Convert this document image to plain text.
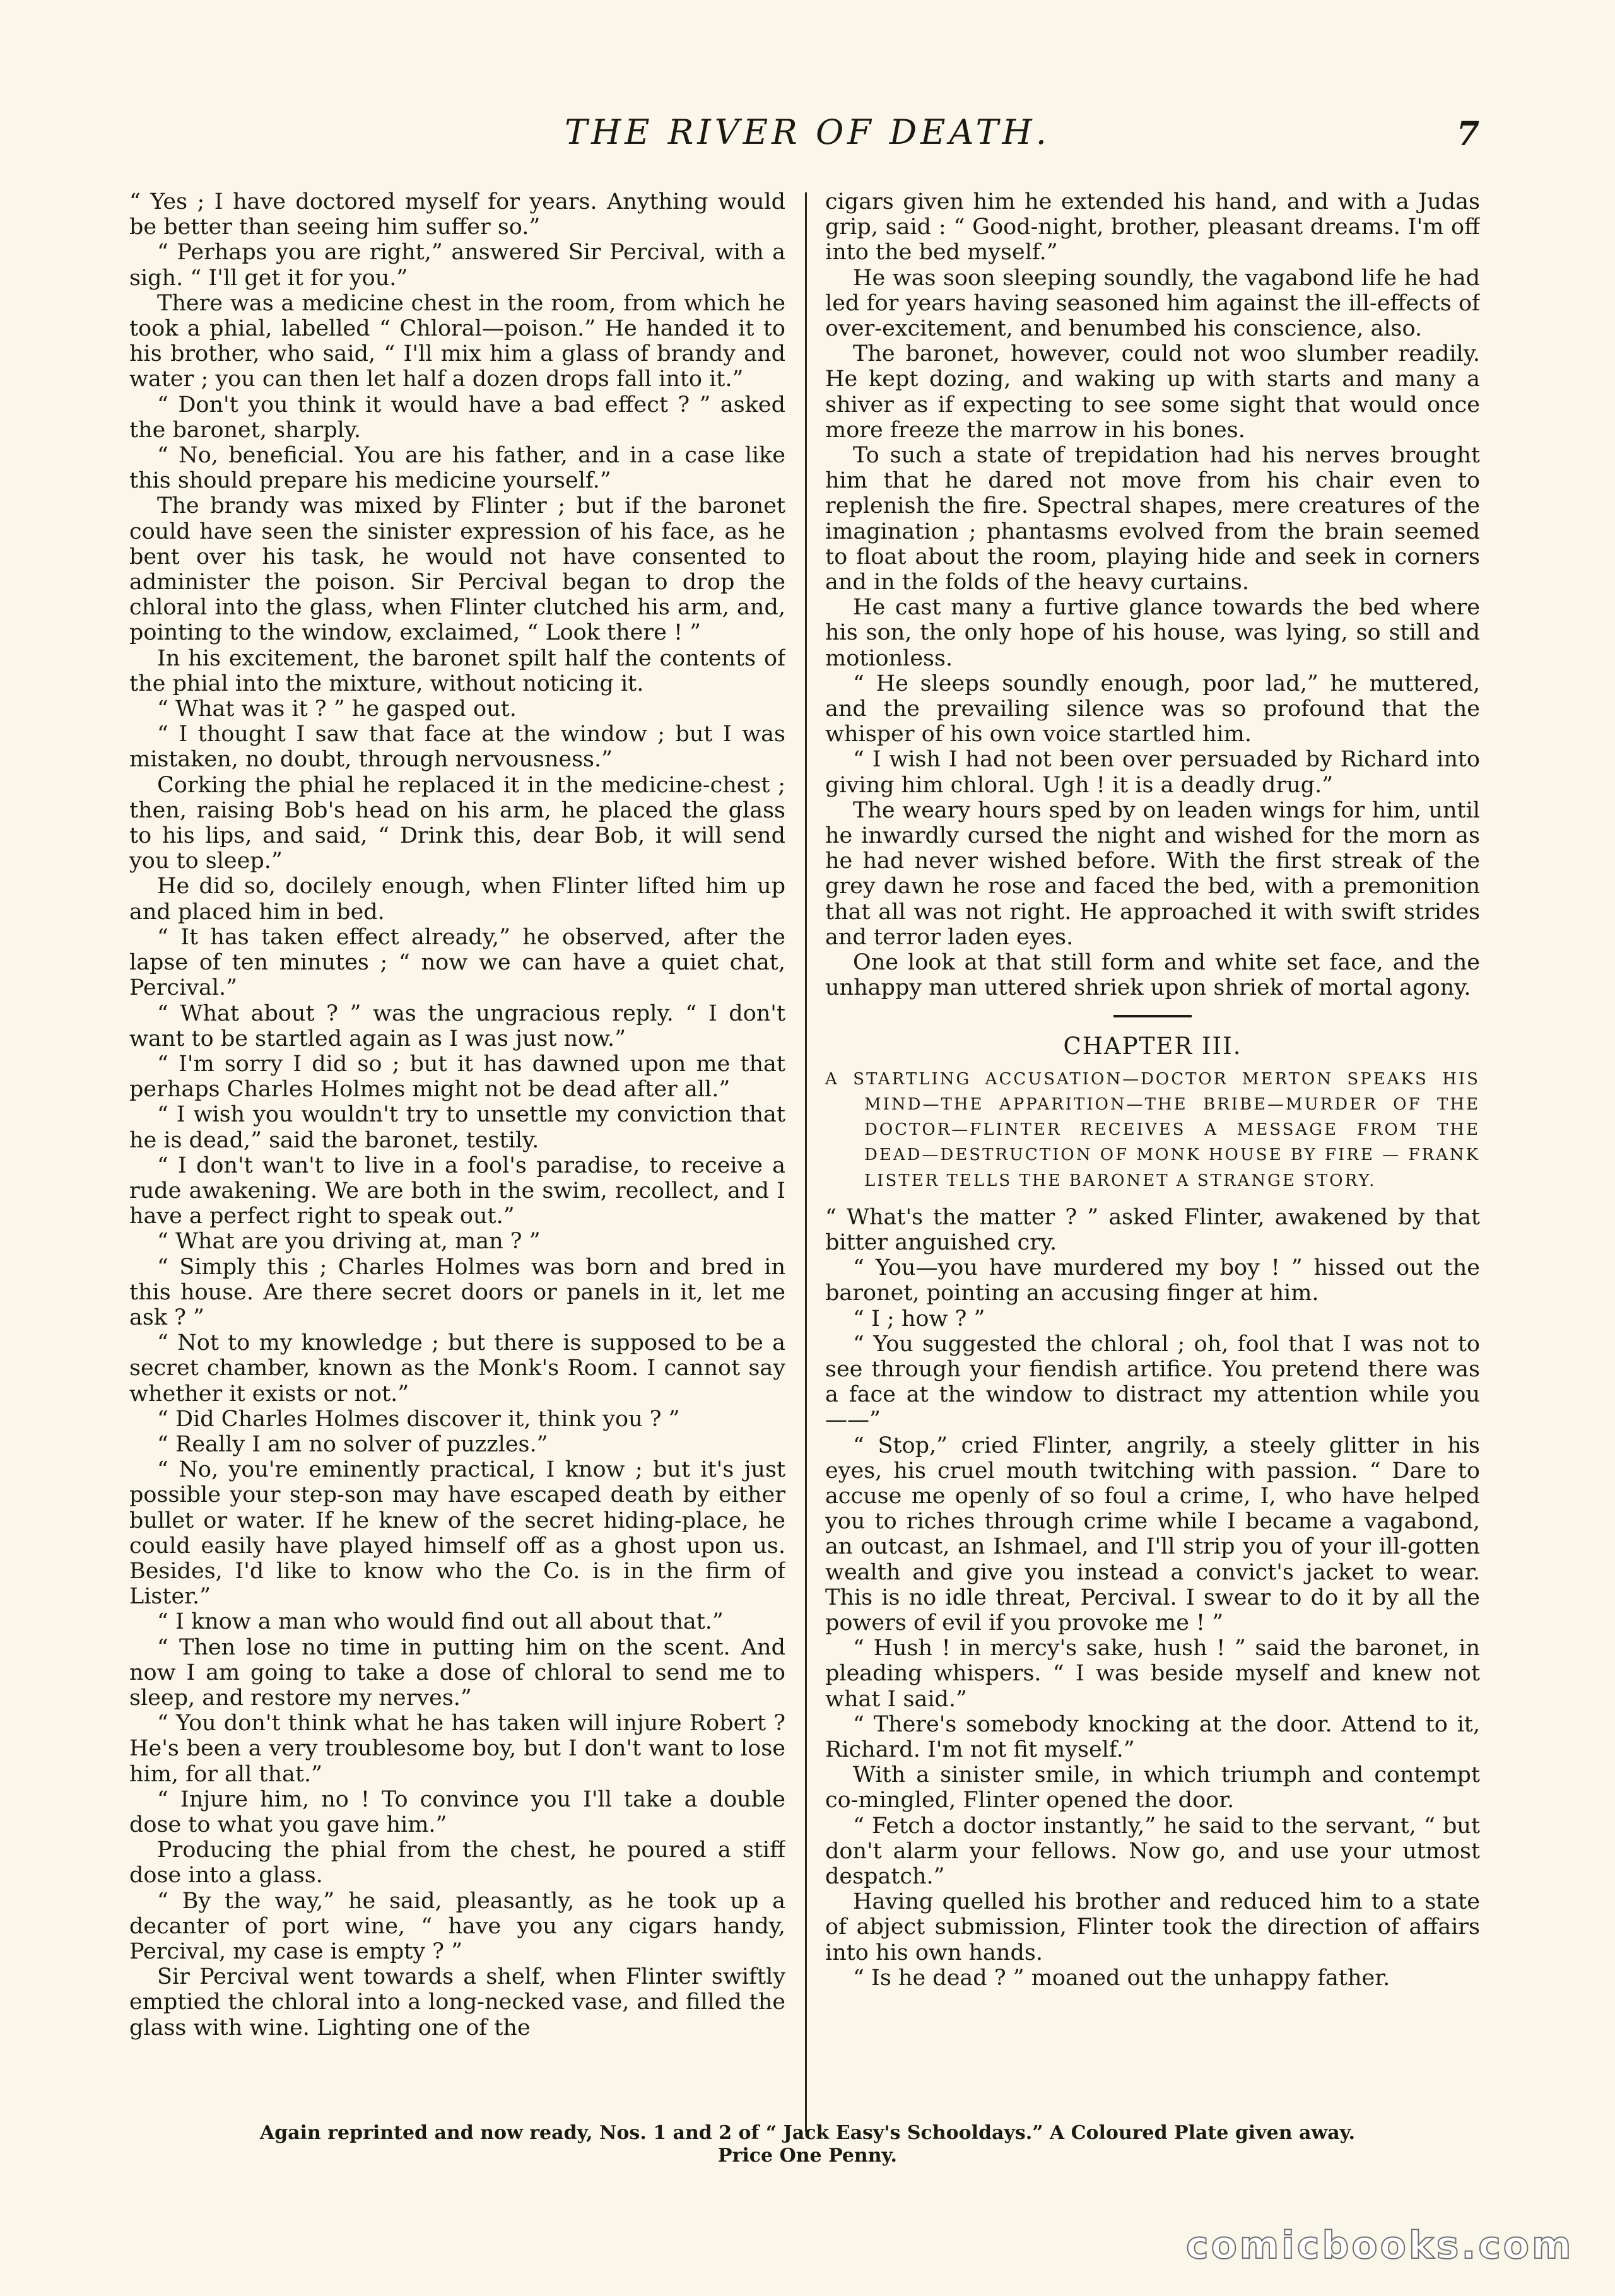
THE RIVER OF DEATH.	7

“ Yes ; I have doctored myself for years. Anything would be better than seeing him suffer so.”

“ Perhaps you are right,” answered Sir Percival, with a sigh. “ I'll get it for you.”

There was a medicine chest in the room, from which he took a phial, labelled “ Chloral—poison.” He handed it to his brother, who said, “ I'll mix him a glass of brandy and water ; you can then let half a dozen drops fall into it.”

“ Don't you think it would have a bad effect ? ” asked the baronet, sharply.

“ No, beneficial. You are his father, and in a case like this should prepare his medicine yourself.”

The brandy was mixed by Flinter ; but if the baronet could have seen the sinister expression of his face, as he bent over his task, he would not have consented to administer the poison. Sir Percival began to drop the chloral into the glass, when Flinter clutched his arm, and, pointing to the window, exclaimed, “ Look there ! ”

In his excitement, the baronet spilt half the contents of the phial into the mixture, without noticing it.

“ What was it ? ” he gasped out.

“ I thought I saw that face at the window ; but I was mistaken, no doubt, through nervousness.”

Corking the phial he replaced it in the medicine-chest ; then, raising Bob's head on his arm, he placed the glass to his lips, and said, “ Drink this, dear Bob, it will send you to sleep.”

He did so, docilely enough, when Flinter lifted him up and placed him in bed.

“ It has taken effect already,” he observed, after the lapse of ten minutes ; “ now we can have a quiet chat, Percival.”

“ What about ? ” was the ungracious reply. “ I don't want to be startled again as I was just now.”

“ I'm sorry I did so ; but it has dawned upon me that perhaps Charles Holmes might not be dead after all.”

“ I wish you wouldn't try to unsettle my conviction that he is dead,” said the baronet, testily.

“ I don't wan't to live in a fool's paradise, to receive a rude awakening. We are both in the swim, recollect, and I have a perfect right to speak out.”

“ What are you driving at, man ? ”

“ Simply this ; Charles Holmes was born and bred in this house. Are there secret doors or panels in it, let me ask ? ”

“ Not to my knowledge ; but there is supposed to be a secret chamber, known as the Monk's Room. I cannot say whether it exists or not.”

“ Did Charles Holmes discover it, think you ? ”

“ Really I am no solver of puzzles.”

“ No, you're eminently practical, I know ; but it's just possible your step-son may have escaped death by either bullet or water. If he knew of the secret hiding-place, he could easily have played himself off as a ghost upon us. Besides, I'd like to know who the Co. is in the firm of Lister.”

“ I know a man who would find out all about that.”

“ Then lose no time in putting him on the scent. And now I am going to take a dose of chloral to send me to sleep, and restore my nerves.”

“ You don't think what he has taken will injure Robert ? He's been a very troublesome boy, but I don't want to lose him, for all that.”

“ Injure him, no ! To convince you I'll take a double dose to what you gave him.”

Producing the phial from the chest, he poured a stiff dose into a glass.

“ By the way,” he said, pleasantly, as he took up a decanter of port wine, “ have you any cigars handy, Percival, my case is empty ? ”

Sir Percival went towards a shelf, when Flinter swiftly emptied the chloral into a long-necked vase, and filled the glass with wine. Lighting one of the

cigars given him he extended his hand, and with a Judas grip, said : “ Good-night, brother, pleasant dreams. I'm off into the bed myself.”

He was soon sleeping soundly, the vagabond life he had led for years having seasoned him against the ill-effects of over-excitement, and benumbed his conscience, also.

The baronet, however, could not woo slumber readily. He kept dozing, and waking up with starts and many a shiver as if expecting to see some sight that would once more freeze the marrow in his bones.

To such a state of trepidation had his nerves brought him that he dared not move from his chair even to replenish the fire. Spectral shapes, mere creatures of the imagination ; phantasms evolved from the brain seemed to float about the room, playing hide and seek in corners and in the folds of the heavy curtains.

He cast many a furtive glance towards the bed where his son, the only hope of his house, was lying, so still and motionless.

“ He sleeps soundly enough, poor lad,” he muttered, and the prevailing silence was so profound that the whisper of his own voice startled him.

“ I wish I had not been over persuaded by Richard into giving him chloral. Ugh ! it is a deadly drug.”

The weary hours sped by on leaden wings for him, until he inwardly cursed the night and wished for the morn as he had never wished before. With the first streak of the grey dawn he rose and faced the bed, with a premonition that all was not right. He approached it with swift strides and terror laden eyes.

One look at that still form and white set face, and the unhappy man uttered shriek upon shriek of mortal agony.

CHAPTER III.
A STARTLING ACCUSATION—DOCTOR MERTON SPEAKS HIS MIND—THE APPARITION—THE BRIBE—MURDER OF THE DOCTOR—FLINTER RECEIVES A MESSAGE FROM THE DEAD—DESTRUCTION OF MONK HOUSE BY FIRE — FRANK LISTER TELLS THE BARONET A STRANGE STORY.

“ What's the matter ? ” asked Flinter, awakened by that bitter anguished cry.

“ You—you have murdered my boy ! ” hissed out the baronet, pointing an accusing finger at him.

“ I ; how ? ”

“ You suggested the chloral ; oh, fool that I was not to see through your fiendish artifice. You pretend there was a face at the window to distract my attention while you——”

“ Stop,” cried Flinter, angrily, a steely glitter in his eyes, his cruel mouth twitching with passion. “ Dare to accuse me openly of so foul a crime, I, who have helped you to riches through crime while I became a vagabond, an outcast, an Ishmael, and I'll strip you of your ill-gotten wealth and give you instead a convict's jacket to wear. This is no idle threat, Percival. I swear to do it by all the powers of evil if you provoke me ! ”

“ Hush ! in mercy's sake, hush ! ” said the baronet, in pleading whispers. “ I was beside myself and knew not what I said.”

“ There's somebody knocking at the door. Attend to it, Richard. I'm not fit myself.”

With a sinister smile, in which triumph and contempt co-mingled, Flinter opened the door.

“ Fetch a doctor instantly,” he said to the servant, “ but don't alarm your fellows. Now go, and use your utmost despatch.”

Having quelled his brother and reduced him to a state of abject submission, Flinter took the direction of affairs into his own hands.

“ Is he dead ? ” moaned out the unhappy father.

Again reprinted and now ready, Nos. 1 and 2 of “ Jack Easy's Schooldays.” A Coloured Plate given away.
Price One Penny.
comicbooks.com
